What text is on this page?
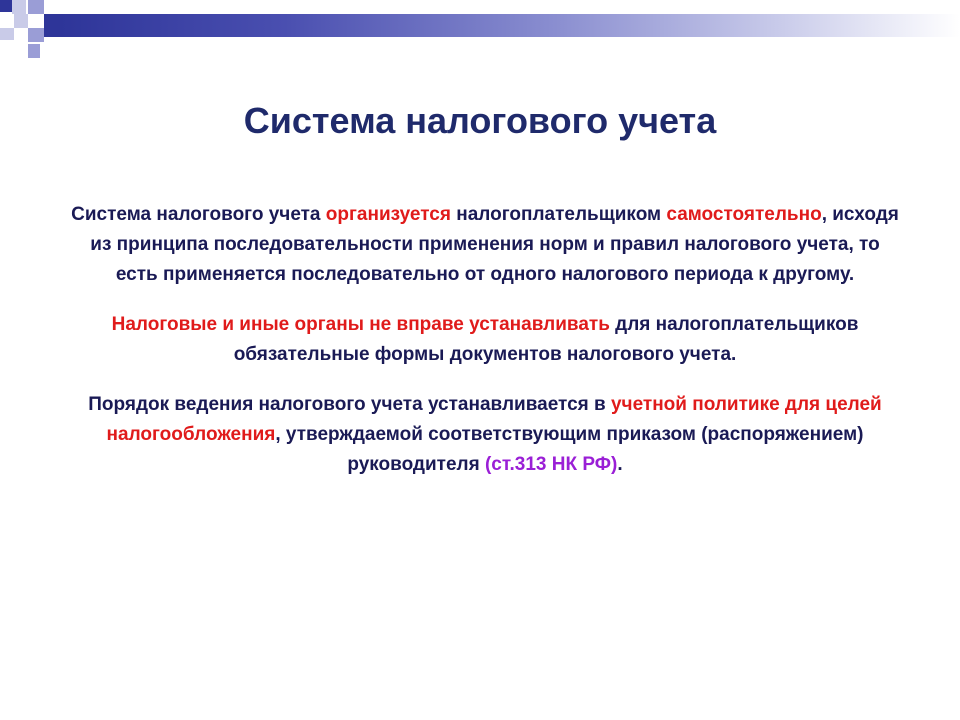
Система налогового учета

Система налогового учета организуется налогоплательщиком самостоятельно, исходя из принципа последовательности применения норм и правил налогового учета, то есть применяется последовательно от одного налогового периода к другому.

Налоговые и иные органы не вправе устанавливать для налогоплательщиков обязательные формы документов налогового учета.

Порядок ведения налогового учета устанавливается в учетной политике для целей налогообложения, утверждаемой соответствующим приказом (распоряжением) руководителя (ст.313 НК РФ).
